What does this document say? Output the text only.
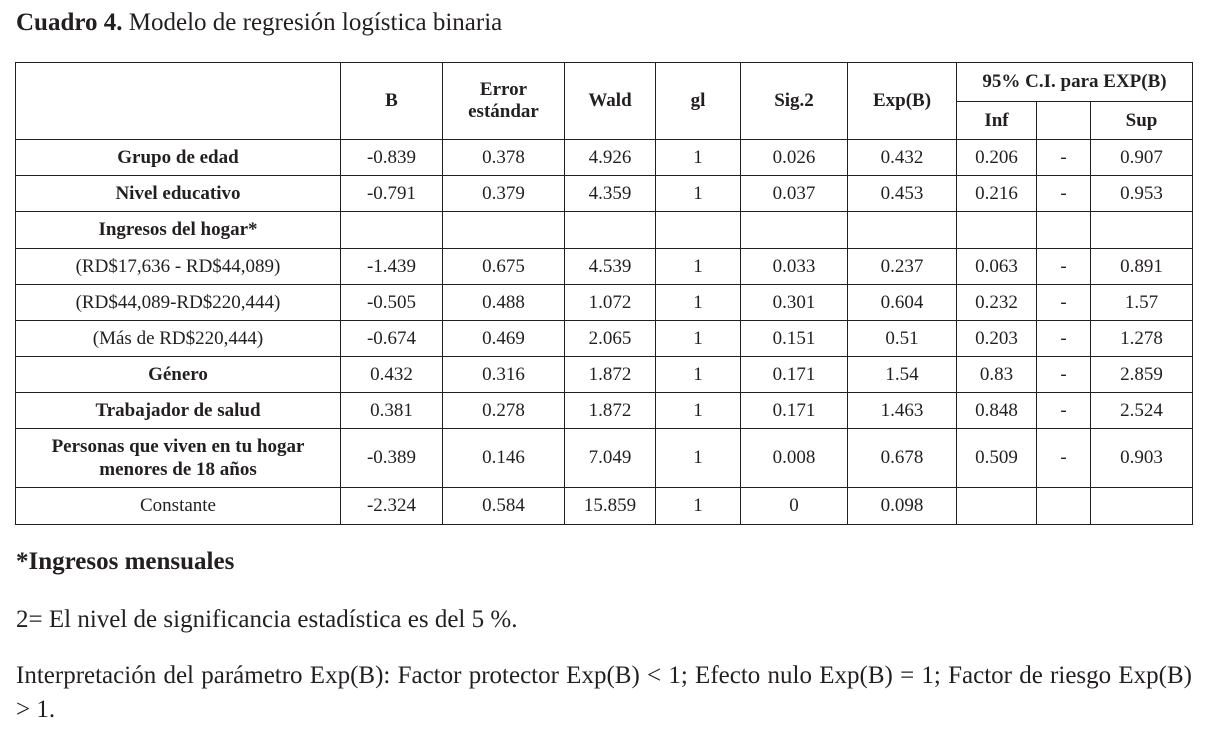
Cuadro 4. Modelo de regresión logística binaria
	B	Error estándar	Wald	gl	Sig.2	Exp(B)	95% C.I. para EXP(B)		
							Inf		Sup
Grupo de edad	-0.839	0.378	4.926	1	0.026	0.432	0.206	-	0.907
Nivel educativo	-0.791	0.379	4.359	1	0.037	0.453	0.216	-	0.953
Ingresos del hogar*									
(RD$17,636 - RD$44,089)	-1.439	0.675	4.539	1	0.033	0.237	0.063	-	0.891
(RD$44,089-RD$220,444)	-0.505	0.488	1.072	1	0.301	0.604	0.232	-	1.57
(Más de RD$220,444)	-0.674	0.469	2.065	1	0.151	0.51	0.203	-	1.278
Género	0.432	0.316	1.872	1	0.171	1.54	0.83	-	2.859
Trabajador de salud	0.381	0.278	1.872	1	0.171	1.463	0.848	-	2.524
Personas que viven en tu hogar menores de 18 años	-0.389	0.146	7.049	1	0.008	0.678	0.509	-	0.903
Constante	-2.324	0.584	15.859	1	0	0.098			
*Ingresos mensuales
2= El nivel de significancia estadística es del 5 %.
Interpretación del parámetro Exp(B): Factor protector Exp(B) < 1; Efecto nulo Exp(B) = 1; Factor de riesgo Exp(B) > 1.
